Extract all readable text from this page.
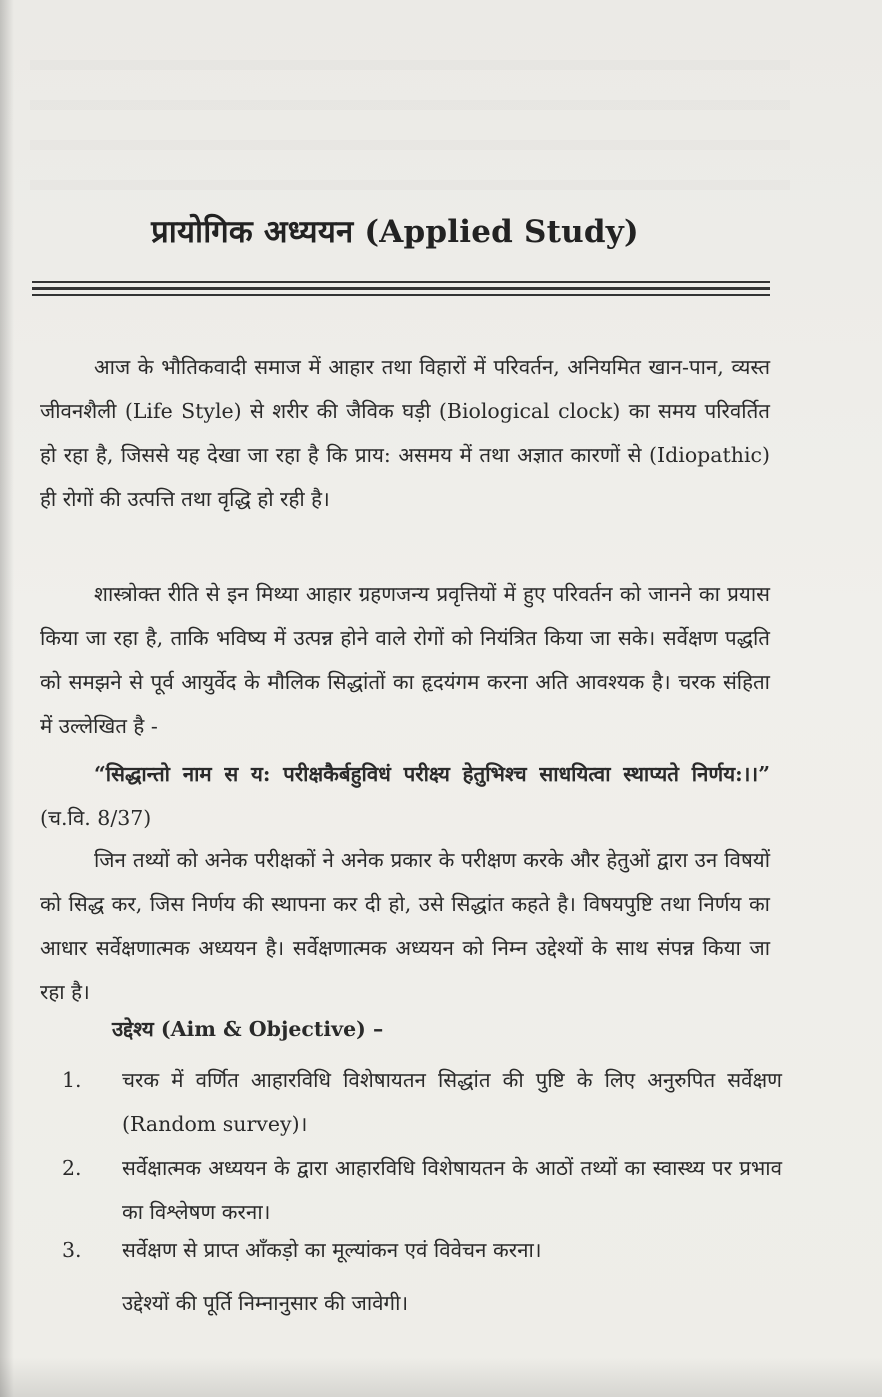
प्रायोगिक अध्ययन (Applied Study)

आज के भौतिकवादी समाज में आहार तथा विहारों में परिवर्तन, अनियमित खान-पान, व्यस्त जीवनशैली (Life Style) से शरीर की जैविक घड़ी (Biological clock) का समय परिवर्तित हो रहा है, जिससे यह देखा जा रहा है कि प्राय: असमय में तथा अज्ञात कारणों से (Idiopathic) ही रोगों की उत्पत्ति तथा वृद्धि हो रही है।

शास्त्रोक्त रीति से इन मिथ्या आहार ग्रहणजन्य प्रवृत्तियों में हुए परिवर्तन को जानने का प्रयास किया जा रहा है, ताकि भविष्य में उत्पन्न होने वाले रोगों को नियंत्रित किया जा सके। सर्वेक्षण पद्धति को समझने से पूर्व आयुर्वेद के मौलिक सिद्धांतों का हृदयंगम करना अति आवश्यक है। चरक संहिता में उल्लेखित है -

“सिद्धान्तो नाम स य: परीक्षकैर्बहुविधं परीक्ष्य हेतुभिश्च साधयित्वा स्थाप्यते निर्णय:।।” (च.वि. 8/37)

जिन तथ्यों को अनेक परीक्षकों ने अनेक प्रकार के परीक्षण करके और हेतुओं द्वारा उन विषयों को सिद्ध कर, जिस निर्णय की स्थापना कर दी हो, उसे सिद्धांत कहते है। विषयपुष्टि तथा निर्णय का आधार सर्वेक्षणात्मक अध्ययन है। सर्वेक्षणात्मक अध्ययन को निम्न उद्देश्यों के साथ संपन्न किया जा रहा है।

उद्देश्य (Aim & Objective) –

1.	चरक में वर्णित आहारविधि विशेषायतन सिद्धांत की पुष्टि के लिए अनुरुपित सर्वेक्षण (Random survey)।
2.	सर्वेक्षात्मक अध्ययन के द्वारा आहारविधि विशेषायतन के आठों तथ्यों का स्वास्थ्य पर प्रभाव का विश्लेषण करना।
3.	सर्वेक्षण से प्राप्त आँकड़ो का मूल्यांकन एवं विवेचन करना।

उद्देश्यों की पूर्ति निम्नानुसार की जावेगी।
